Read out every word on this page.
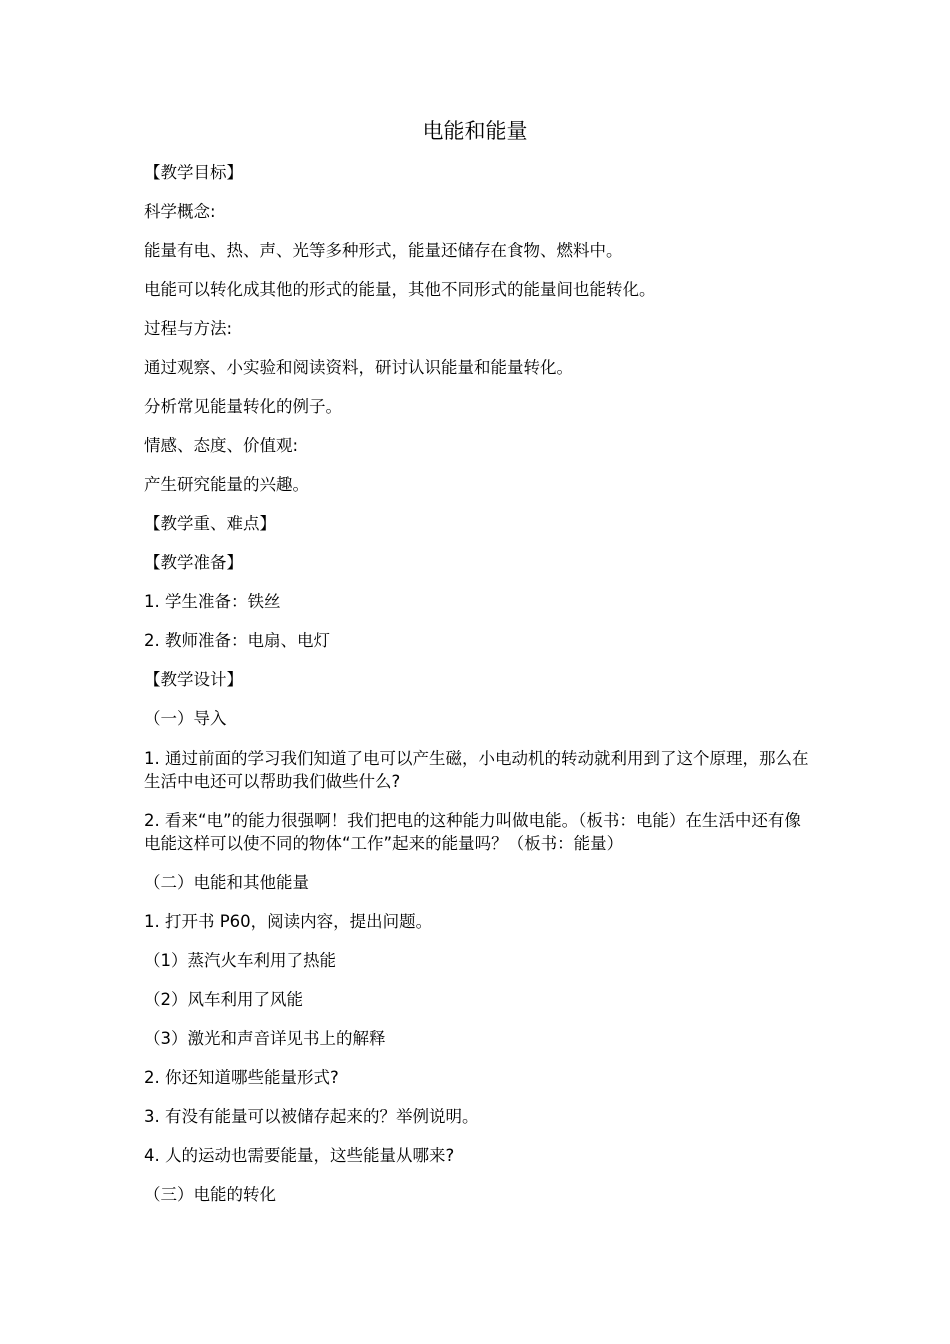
电能和能量
【教学目标】
科学概念:
能量有电、热、声、光等多种形式，能量还储存在食物、燃料中。
电能可以转化成其他的形式的能量，其他不同形式的能量间也能转化。
过程与方法:
通过观察、小实验和阅读资料，研讨认识能量和能量转化。
分析常见能量转化的例子。
情感、态度、价值观:
产生研究能量的兴趣。
【教学重、难点】
【教学准备】
1. 学生准备：铁丝
2. 教师准备：电扇、电灯
【教学设计】
（一）导入
1. 通过前面的学习我们知道了电可以产生磁，小电动机的转动就利用到了这个原理，那么在生活中电还可以帮助我们做些什么?
2. 看来“电”的能力很强啊！我们把电的这种能力叫做电能。（板书：电能）在生活中还有像电能这样可以使不同的物体“工作”起来的能量吗？（板书：能量）
（二）电能和其他能量
1. 打开书 P60，阅读内容，提出问题。
（1）蒸汽火车利用了热能
（2）风车利用了风能
（3）激光和声音详见书上的解释
2. 你还知道哪些能量形式?
3. 有没有能量可以被储存起来的？举例说明。
4. 人的运动也需要能量，这些能量从哪来?
（三）电能的转化
